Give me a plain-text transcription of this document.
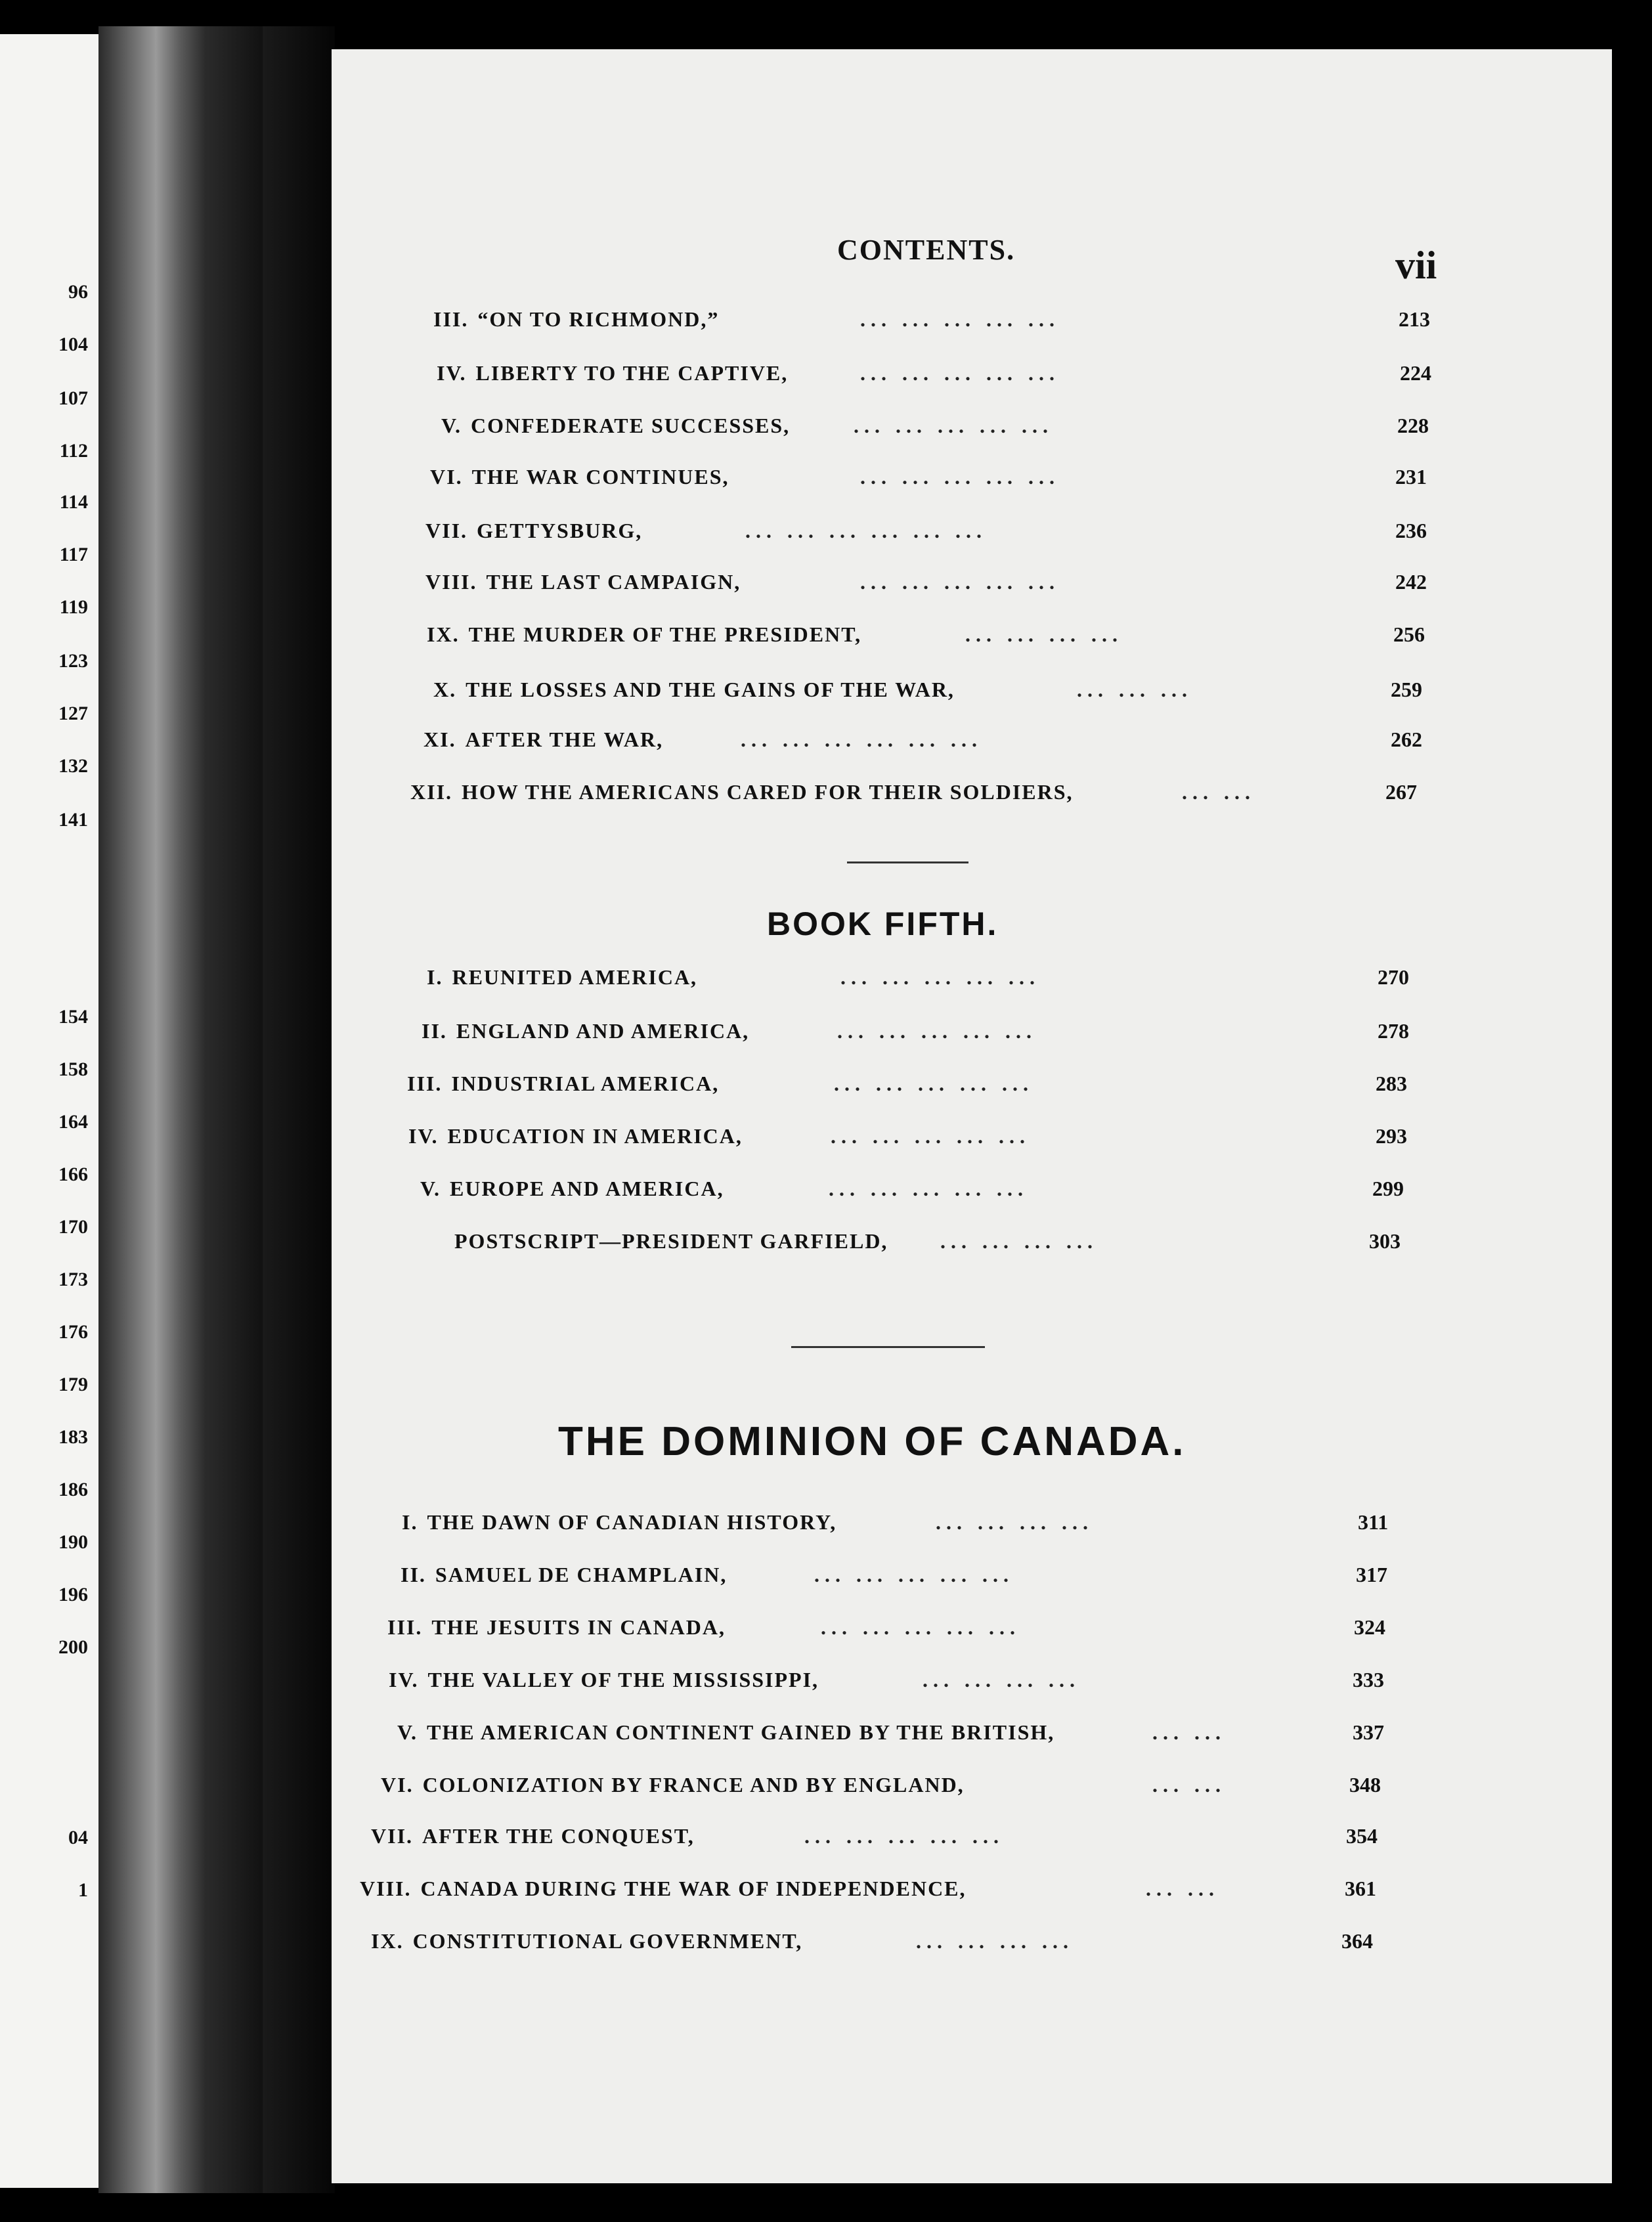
96
104
107
112
114
117
119
123
127
132
141
154
158
164
166
170
173
176
179
183
186
190
196
200
04
1
CONTENTS.	vii
III. “ON TO RICHMOND,”	... ... ... ... ...	213
IV. LIBERTY TO THE CAPTIVE,	... ... ... ... ...	224
V. CONFEDERATE SUCCESSES,	... ... ... ... ...	228
VI. THE WAR CONTINUES,	... ... ... ... ...	231
VII. GETTYSBURG,	... ... ... ... ... ...	236
VIII. THE LAST CAMPAIGN,	... ... ... ... ...	242
IX. THE MURDER OF THE PRESIDENT,	... ... ... ...	256
X. THE LOSSES AND THE GAINS OF THE WAR,	... ... ...	259
XI. AFTER THE WAR,	... ... ... ... ... ...	262
XII. HOW THE AMERICANS CARED FOR THEIR SOLDIERS,	... ...	267
BOOK FIFTH.
I. REUNITED AMERICA,	... ... ... ... ...	270
II. ENGLAND AND AMERICA,	... ... ... ... ...	278
III. INDUSTRIAL AMERICA,	... ... ... ... ...	283
IV. EDUCATION IN AMERICA,	... ... ... ... ...	293
V. EUROPE AND AMERICA,	... ... ... ... ...	299
POSTSCRIPT—PRESIDENT GARFIELD, ... ... ... ...	303
THE DOMINION OF CANADA.
I. THE DAWN OF CANADIAN HISTORY,	... ... ... ...	311
II. SAMUEL DE CHAMPLAIN,	... ... ... ... ...	317
III. THE JESUITS IN CANADA,	... ... ... ... ...	324
IV. THE VALLEY OF THE MISSISSIPPI,	... ... ... ...	333
V. THE AMERICAN CONTINENT GAINED BY THE BRITISH,	... ...	337
VI. COLONIZATION BY FRANCE AND BY ENGLAND,	... ...	348
VII. AFTER THE CONQUEST,	... ... ... ... ...	354
VIII. CANADA DURING THE WAR OF INDEPENDENCE,	... ...	361
IX. CONSTITUTIONAL GOVERNMENT,	... ... ... ...	364
